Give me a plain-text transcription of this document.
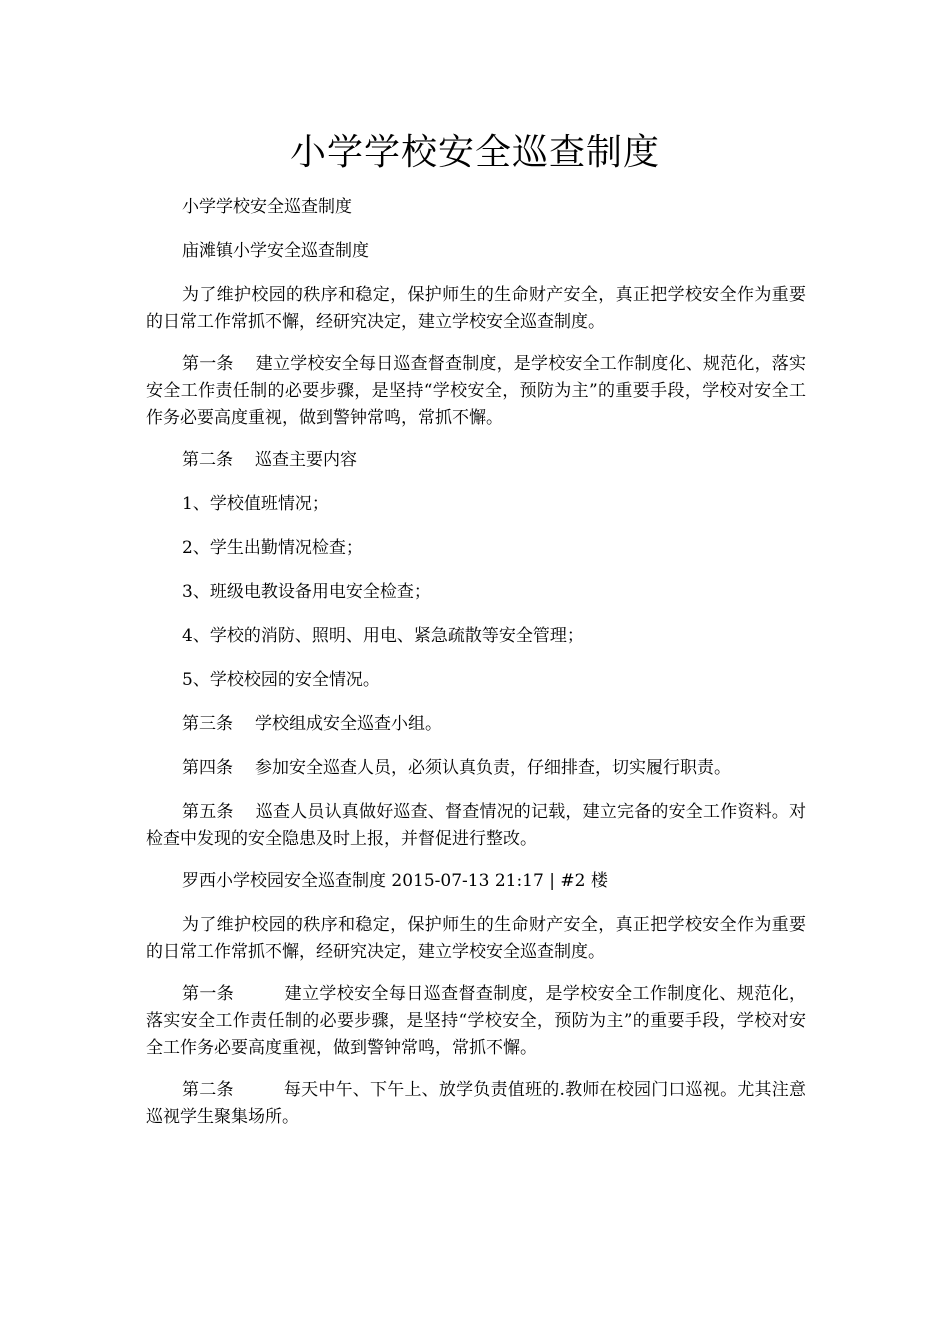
小学学校安全巡查制度

小学学校安全巡查制度

庙滩镇小学安全巡查制度

为了维护校园的秩序和稳定，保护师生的生命财产安全，真正把学校安全作为重要的日常工作常抓不懈，经研究决定，建立学校安全巡查制度。

第一条 建立学校安全每日巡查督查制度，是学校安全工作制度化、规范化，落实安全工作责任制的必要步骤，是坚持“学校安全，预防为主”的重要手段，学校对安全工作务必要高度重视，做到警钟常鸣，常抓不懈。

第二条 巡查主要内容

1、学校值班情况；

2、学生出勤情况检查；

3、班级电教设备用电安全检查；

4、学校的消防、照明、用电、紧急疏散等安全管理；

5、学校校园的安全情况。

第三条 学校组成安全巡查小组。

第四条 参加安全巡查人员，必须认真负责，仔细排查，切实履行职责。

第五条 巡查人员认真做好巡查、督查情况的记载，建立完备的安全工作资料。对检查中发现的安全隐患及时上报，并督促进行整改。

罗西小学校园安全巡查制度 2015-07-13 21:17 | #2 楼

为了维护校园的秩序和稳定，保护师生的生命财产安全，真正把学校安全作为重要的日常工作常抓不懈，经研究决定，建立学校安全巡查制度。

第一条	建立学校安全每日巡查督查制度，是学校安全工作制度化、规范化，落实安全工作责任制的必要步骤，是坚持“学校安全，预防为主”的重要手段，学校对安全工作务必要高度重视，做到警钟常鸣，常抓不懈。

第二条	每天中午、下午上、放学负责值班的.教师在校园门口巡视。尤其注意巡视学生聚集场所。
